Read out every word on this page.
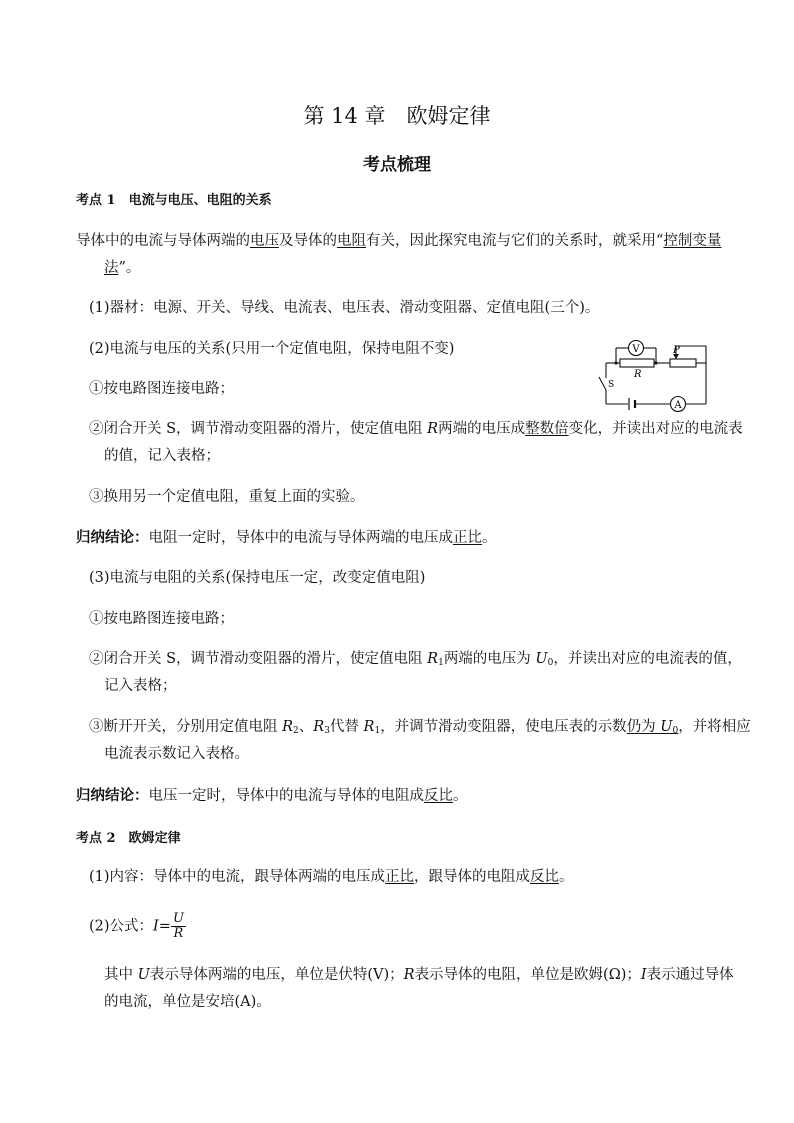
第 14 章　欧姆定律
考点梳理
考点 1　电流与电压、电阻的关系
导体中的电流与导体两端的电压及导体的电阻有关，因此探究电流与它们的关系时，就采用“控制变量
法”。
(1)器材：电源、开关、导线、电流表、电压表、滑动变阻器、定值电阻(三个)。
(2)电流与电压的关系(只用一个定值电阻，保持电阻不变)
①按电路图连接电路；
V
A
R
P
S
②闭合开关 S，调节滑动变阻器的滑片，使定值电阻 R两端的电压成整数倍变化，并读出对应的电流表
的值，记入表格；
③换用另一个定值电阻，重复上面的实验。
归纳结论：电阻一定时，导体中的电流与导体两端的电压成正比。
(3)电流与电阻的关系(保持电压一定，改变定值电阻)
①按电路图连接电路；
②闭合开关 S，调节滑动变阻器的滑片，使定值电阻 $R_1$两端的电压为 $U_0$，并读出对应的电流表的值，
记入表格；
③断开开关，分别用定值电阻 $R_2$、$R_3$代替 $R_1$，并调节滑动变阻器，使电压表的示数仍为 $U_0$，并将相应
电流表示数记入表格。
归纳结论：电压一定时，导体中的电流与导体的电阻成反比。
考点 2　欧姆定律
(1)内容：导体中的电流，跟导体两端的电压成正比，跟导体的电阻成反比。
(2)公式：$I= \frac{U}{R}$
其中 U表示导体两端的电压，单位是伏特(V)；R表示导体的电阻，单位是欧姆(Ω)；I表示通过导体
的电流，单位是安培(A)。
